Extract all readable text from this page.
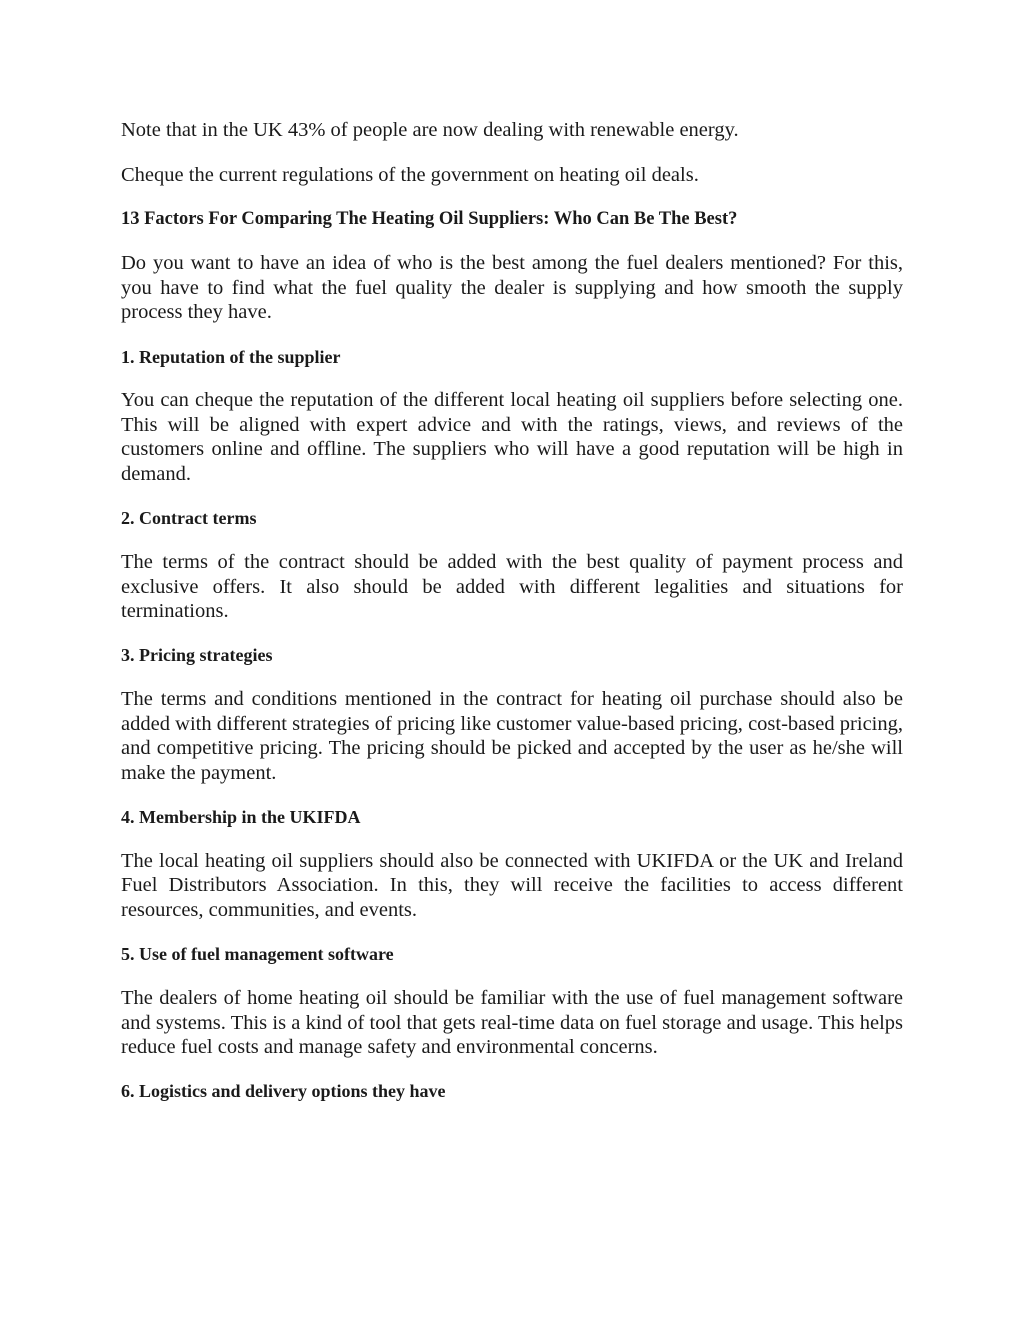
Note that in the UK 43% of people are now dealing with renewable energy.

Cheque the current regulations of the government on heating oil deals.

13 Factors For Comparing The Heating Oil Suppliers: Who Can Be The Best?

Do you want to have an idea of who is the best among the fuel dealers mentioned? For this, you have to find what the fuel quality the dealer is supplying and how smooth the supply process they have.

1. Reputation of the supplier

You can cheque the reputation of the different local heating oil suppliers before selecting one. This will be aligned with expert advice and with the ratings, views, and reviews of the customers online and offline. The suppliers who will have a good reputation will be high in demand.

2. Contract terms

The terms of the contract should be added with the best quality of payment process and exclusive offers. It also should be added with different legalities and situations for terminations.

3. Pricing strategies

The terms and conditions mentioned in the contract for heating oil purchase should also be added with different strategies of pricing like customer value-based pricing, cost-based pricing, and competitive pricing. The pricing should be picked and accepted by the user as he/she will make the payment.

4. Membership in the UKIFDA

The local heating oil suppliers should also be connected with UKIFDA or the UK and Ireland Fuel Distributors Association. In this, they will receive the facilities to access different resources, communities, and events.

5. Use of fuel management software

The dealers of home heating oil should be familiar with the use of fuel management software and systems. This is a kind of tool that gets real-time data on fuel storage and usage. This helps reduce fuel costs and manage safety and environmental concerns.

6. Logistics and delivery options they have
